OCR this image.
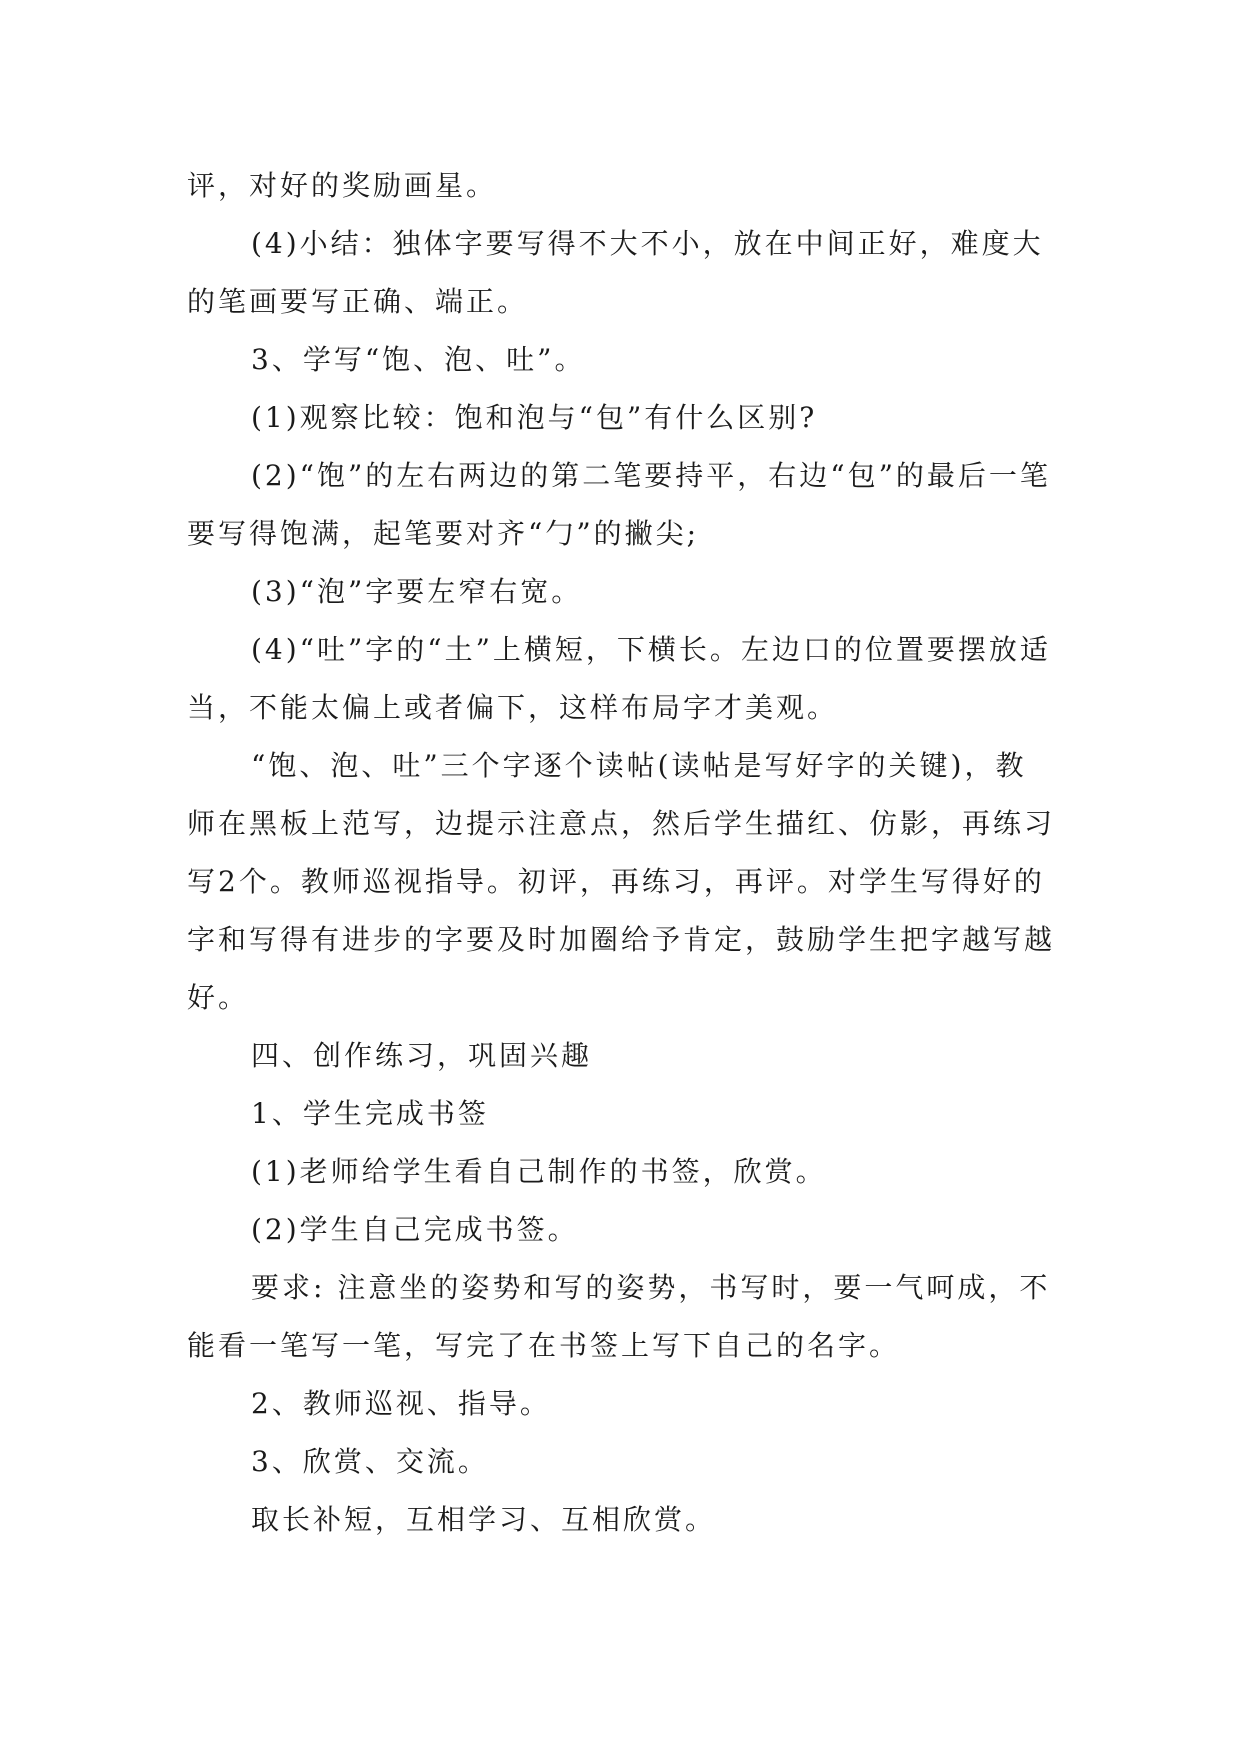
评，对好的奖励画星。

(4)小结：独体字要写得不大不小，放在中间正好，难度大的笔画要写正确、端正。

3、学写“饱、泡、吐”。

(1)观察比较：饱和泡与“包”有什么区别?

(2)“饱”的左右两边的第二笔要持平，右边“包”的最后一笔要写得饱满，起笔要对齐“勹”的撇尖;

(3)“泡”字要左窄右宽。

(4)“吐”字的“土”上横短，下横长。左边口的位置要摆放适当，不能太偏上或者偏下，这样布局字才美观。

“饱、泡、吐”三个字逐个读帖(读帖是写好字的关键)，教师在黑板上范写，边提示注意点，然后学生描红、仿影，再练习写2个。教师巡视指导。初评，再练习，再评。对学生写得好的字和写得有进步的字要及时加圈给予肯定，鼓励学生把字越写越好。

四、创作练习，巩固兴趣

1、学生完成书签

(1)老师给学生看自己制作的书签，欣赏。

(2)学生自己完成书签。

要求: 注意坐的姿势和写的姿势，书写时，要一气呵成，不能看一笔写一笔，写完了在书签上写下自己的名字。

2、教师巡视、指导。

3、欣赏、交流。

取长补短，互相学习、互相欣赏。
